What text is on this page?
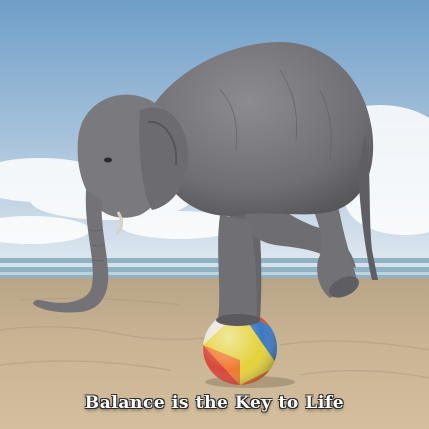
Balance is the Key to Life
